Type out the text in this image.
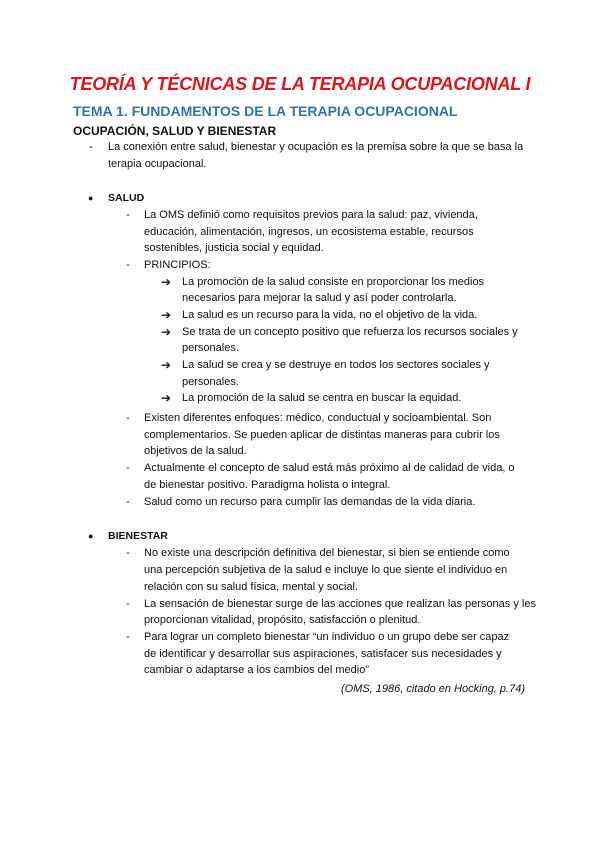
TEORÍA Y TÉCNICAS DE LA TERAPIA OCUPACIONAL I
TEMA 1. FUNDAMENTOS DE LA TERAPIA OCUPACIONAL
OCUPACIÓN, SALUD Y BIENESTAR
- La conexión entre salud, bienestar y ocupación es la premisa sobre la que se basa la

terapia ocupacional.

● SALUD
- La OMS definió como requisitos previos para la salud: paz, vivienda,

educación, alimentación, ingresos, un ecosistema estable, recursos

sostenibles, justicia social y equidad.

- PRINCIPIOS:

➔ La promoción de la salud consiste en proporcionar los medios

necesarios para mejorar la salud y así poder controlarla.

➔ La salud es un recurso para la vida, no el objetivo de la vida.

➔ Se trata de un concepto positivo que refuerza los recursos sociales y

personales.

➔ La salud se crea y se destruye en todos los sectores sociales y

personales.

➔ La promoción de la salud se centra en buscar la equidad.

- Existen diferentes enfoques: médico, conductual y socioambiental. Son

complementarios. Se pueden aplicar de distintas maneras para cubrir los

objetivos de la salud.

- Actualmente el concepto de salud está más próximo al de calidad de vida, o

de bienestar positivo. Paradigma holista o integral.

- Salud como un recurso para cumplir las demandas de la vida diaria.

● BIENESTAR
- No existe una descripción definitiva del bienestar, si bien se entiende como

una percepción subjetiva de la salud e incluye lo que siente el individuo en

relación con su salud física, mental y social.

- La sensación de bienestar surge de las acciones que realizan las personas y les

proporcionan vitalidad, propósito, satisfacción o plenitud.

- Para lograr un completo bienestar “un individuo o un grupo debe ser capaz

de identificar y desarrollar sus aspiraciones, satisfacer sus necesidades y

cambiar o adaptarse a los cambios del medio”

(OMS, 1986, citado en Hocking, p.74)
